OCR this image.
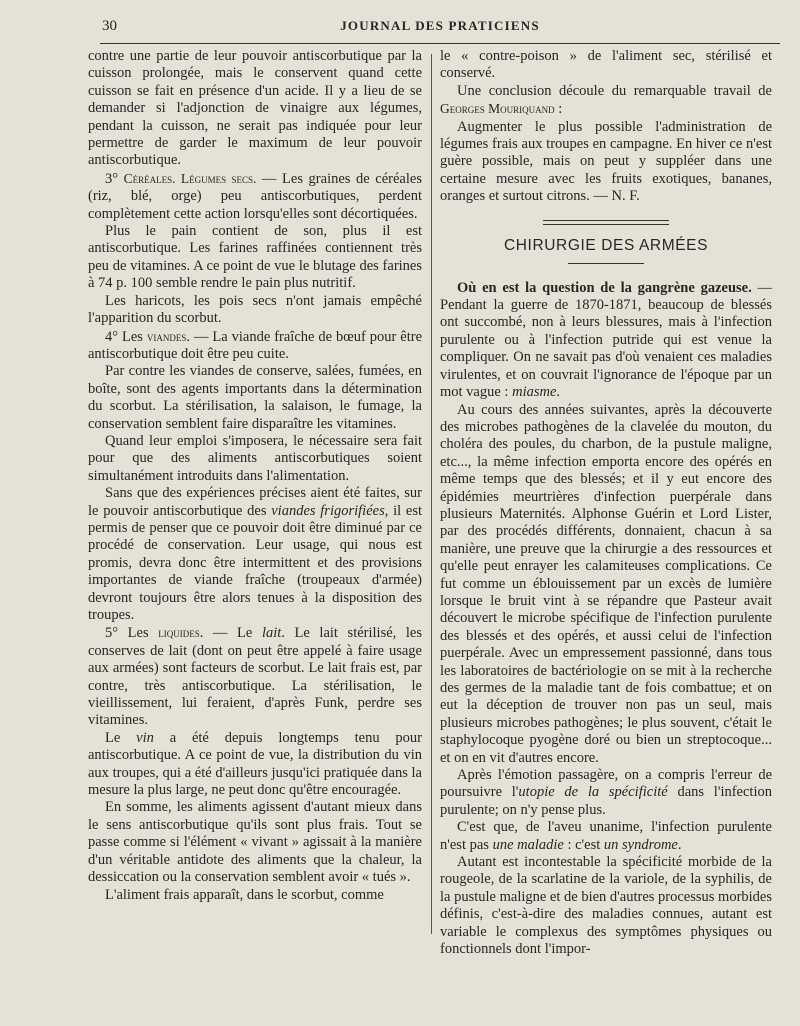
30	JOURNAL DES PRATICIENS

contre une partie de leur pouvoir antiscorbutique par la cuisson prolongée, mais le conservent quand cette cuisson se fait en présence d'un acide. Il y a lieu de se demander si l'adjonction de vinaigre aux légumes, pendant la cuisson, ne serait pas indiquée pour leur permettre de garder le maximum de leur pouvoir antiscorbutique.

3° Céréales. Légumes secs. — Les graines de céréales (riz, blé, orge) peu antiscorbutiques, perdent complètement cette action lorsqu'elles sont décortiquées.

Plus le pain contient de son, plus il est antiscorbutique. Les farines raffinées contiennent très peu de vitamines. A ce point de vue le blutage des farines à 74 p. 100 semble rendre le pain plus nutritif.

Les haricots, les pois secs n'ont jamais empêché l'apparition du scorbut.

4° Les viandes. — La viande fraîche de bœuf pour être antiscorbutique doit être peu cuite.

Par contre les viandes de conserve, salées, fumées, en boîte, sont des agents importants dans la détermination du scorbut. La stérilisation, la salaison, le fumage, la conservation semblent faire disparaître les vitamines.

Quand leur emploi s'imposera, le nécessaire sera fait pour que des aliments antiscorbutiques soient simultanément introduits dans l'alimentation.

Sans que des expériences précises aient été faites, sur le pouvoir antiscorbutique des viandes frigorifiées, il est permis de penser que ce pouvoir doit être diminué par ce procédé de conservation. Leur usage, qui nous est promis, devra donc être intermittent et des provisions importantes de viande fraîche (troupeaux d'armée) devront toujours être alors tenues à la disposition des troupes.

5° Les liquides. — Le lait. Le lait stérilisé, les conserves de lait (dont on peut être appelé à faire usage aux armées) sont facteurs de scorbut. Le lait frais est, par contre, très antiscorbutique. La stérilisation, le vieillissement, lui feraient, d'après Funk, perdre ses vitamines.

Le vin a été depuis longtemps tenu pour antiscorbutique. A ce point de vue, la distribution du vin aux troupes, qui a été d'ailleurs jusqu'ici pratiquée dans la mesure la plus large, ne peut donc qu'être encouragée.

En somme, les aliments agissent d'autant mieux dans le sens antiscorbutique qu'ils sont plus frais. Tout se passe comme si l'élément « vivant » agissait à la manière d'un véritable antidote des aliments que la chaleur, la dessiccation ou la conservation semblent avoir « tués ».

L'aliment frais apparaît, dans le scorbut, comme

le « contre-poison » de l'aliment sec, stérilisé et conservé.

Une conclusion découle du remarquable travail de Georges Mouriquand :

Augmenter le plus possible l'administration de légumes frais aux troupes en campagne. En hiver ce n'est guère possible, mais on peut y suppléer dans une certaine mesure avec les fruits exotiques, bananes, oranges et surtout citrons. — N. F.

CHIRURGIE DES ARMÉES

Où en est la question de la gangrène gazeuse. — Pendant la guerre de 1870-1871, beaucoup de blessés ont succombé, non à leurs blessures, mais à l'infection purulente ou à l'infection putride qui est venue la compliquer. On ne savait pas d'où venaient ces maladies virulentes, et on couvrait l'ignorance de l'époque par un mot vague : miasme.

Au cours des années suivantes, après la découverte des microbes pathogènes de la clavelée du mouton, du choléra des poules, du charbon, de la pustule maligne, etc..., la même infection emporta encore des opérés en même temps que des blessés; et il y eut encore des épidémies meurtrières d'infection puerpérale dans plusieurs Maternités. Alphonse Guérin et Lord Lister, par des procédés différents, donnaient, chacun à sa manière, une preuve que la chirurgie a des ressources et qu'elle peut enrayer les calamiteuses complications. Ce fut comme un éblouissement par un excès de lumière lorsque le bruit vint à se répandre que Pasteur avait découvert le microbe spécifique de l'infection purulente des blessés et des opérés, et aussi celui de l'infection puerpérale. Avec un empressement passionné, dans tous les laboratoires de bactériologie on se mit à la recherche des germes de la maladie tant de fois combattue; et on eut la déception de trouver non pas un seul, mais plusieurs microbes pathogènes; le plus souvent, c'était le staphylocoque pyogène doré ou bien un streptocoque... et on en vit d'autres encore.

Après l'émotion passagère, on a compris l'erreur de poursuivre l'utopie de la spécificité dans l'infection purulente; on n'y pense plus.

C'est que, de l'aveu unanime, l'infection purulente n'est pas une maladie : c'est un syndrome.

Autant est incontestable la spécificité morbide de la rougeole, de la scarlatine de la variole, de la syphilis, de la pustule maligne et de bien d'autres processus morbides définis, c'est-à-dire des maladies connues, autant est variable le complexus des symptômes physiques ou fonctionnels dont l'impor-
